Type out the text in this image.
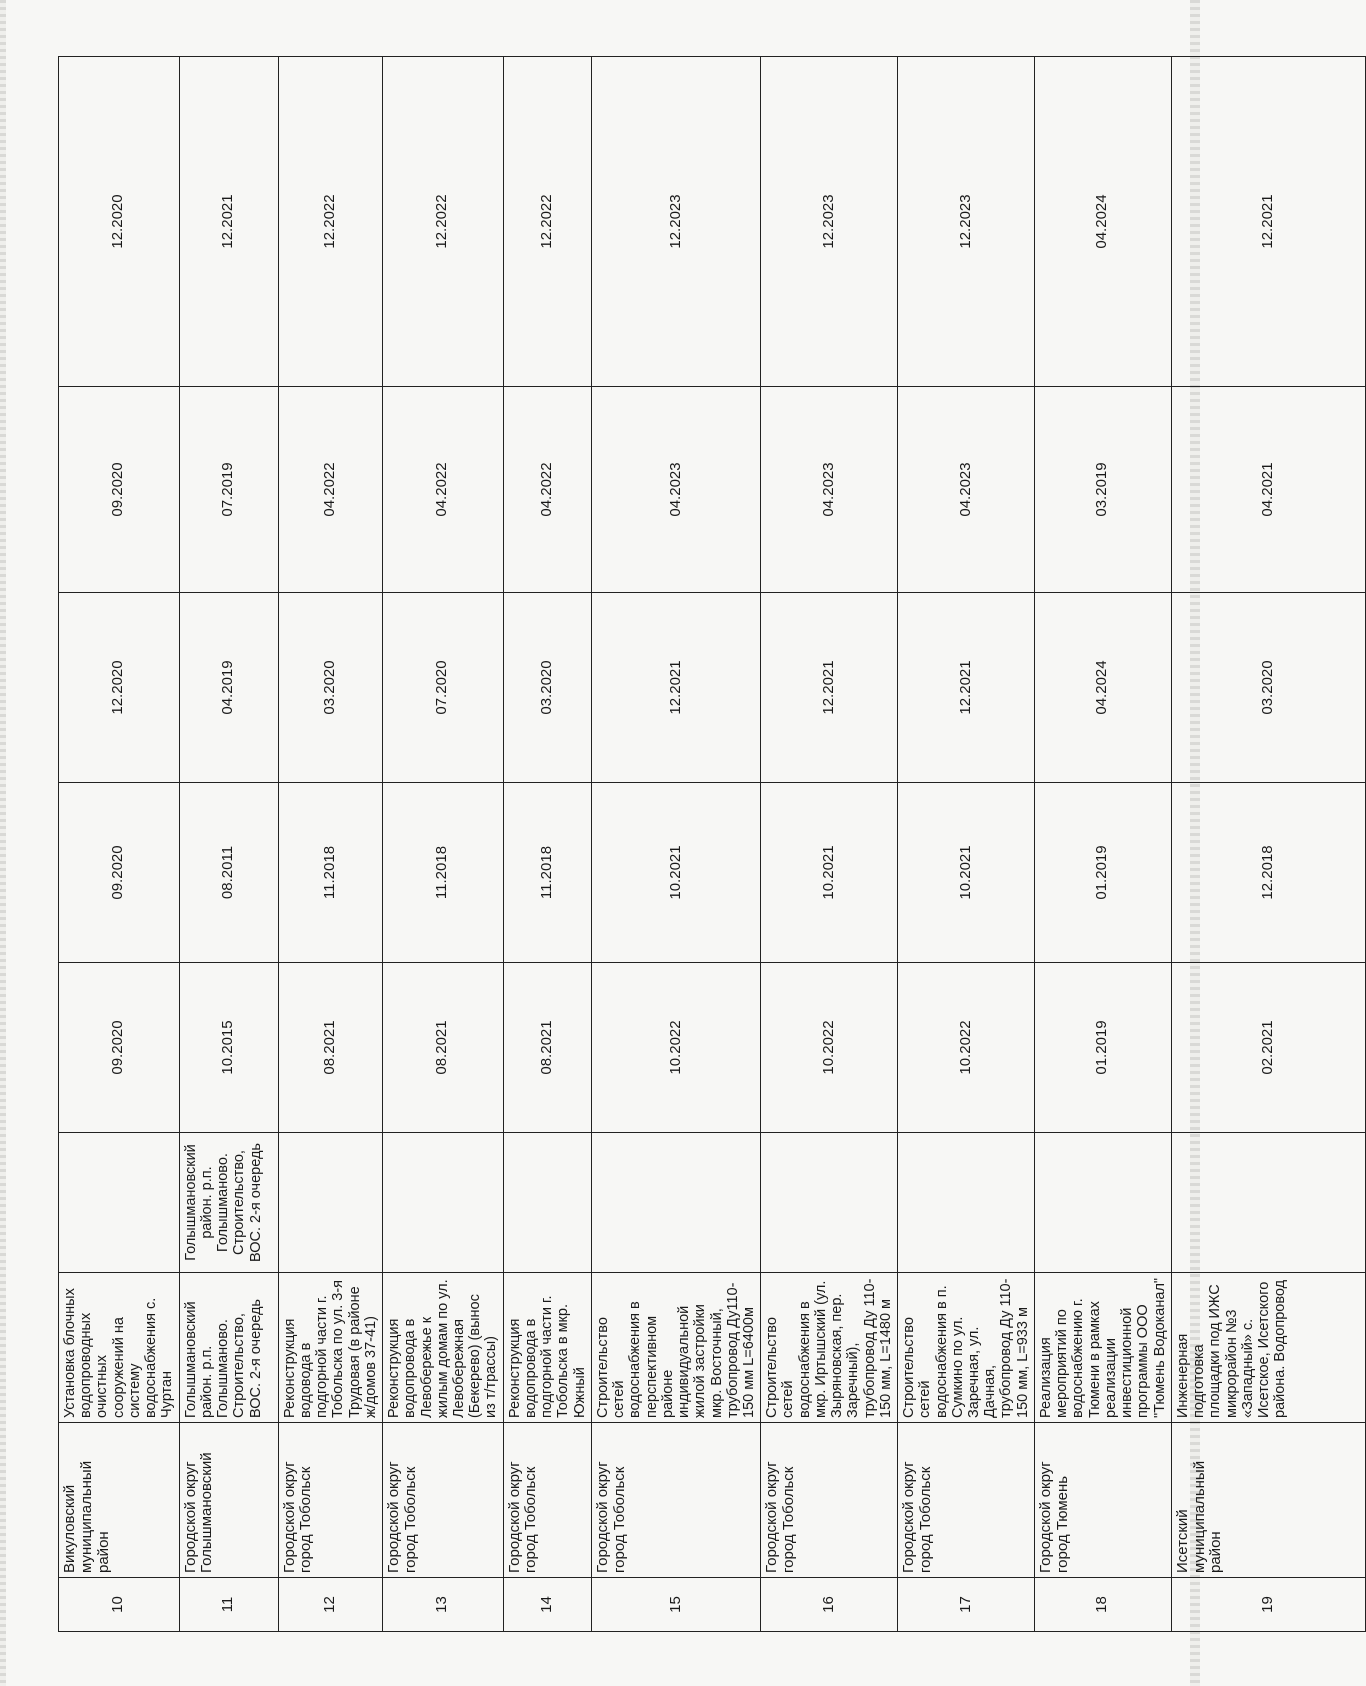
10	Викуловский муниципальный район	Установка блочных водопроводных очистных сооружений на систему водоснабжения с. Чуртан		09.2020	09.2020	12.2020	09.2020	12.2020
11	Городской округ Голышмановский	Голышмановский район. р.п. Голышманово. Строительство, ВОС. 2-я очередь	Голышмановский район. р.п. Голышманово. Строительство, ВОС. 2-я очередь	10.2015	08.2011	04.2019	07.2019	12.2021
12	Городской округ город Тобольск	Реконструкция водовода в подгорной части г. Тобольска по ул. 3-я Трудовая (в районе ж/домов 37-41)		08.2021	11.2018	03.2020	04.2022	12.2022
13	Городской округ город Тобольск	Реконструкция водопровода в Левобережье к жилым домам по ул. Левобережная (Бекерево) (вынос из т/трассы)		08.2021	11.2018	07.2020	04.2022	12.2022
14	Городской округ город Тобольск	Реконструкция водопровода в подгорной части г. Тобольска в мкр. Южный		08.2021	11.2018	03.2020	04.2022	12.2022
15	Городской округ город Тобольск	Строительство сетей водоснабжения в перспективном районе индивидуальной жилой застройки мкр. Восточный, трубопровод Ду110-150 мм L=6400м		10.2022	10.2021	12.2021	04.2023	12.2023
16	Городской округ город Тобольск	Строительство сетей водоснабжения в мкр. Иртышский (ул. Зыряновская, пер. Заречный), трубопровод Ду 110-150 мм, L=1480 м		10.2022	10.2021	12.2021	04.2023	12.2023
17	Городской округ город Тобольск	Строительство сетей водоснабжения в п. Сумкино по ул. Заречная, ул. Дачная, трубопровод Ду 110-150 мм, L=933 м		10.2022	10.2021	12.2021	04.2023	12.2023
18	Городской округ город Тюмень	Реализация мероприятий по водоснабжению г. Тюмени в рамках реализации инвестиционной программы ООО "Тюмень Водоканал"		01.2019	01.2019	04.2024	03.2019	04.2024
19	Исетский муниципальный район	Инженерная подготовка площадки под ИЖС микрорайон №3 «Западный» с. Исетское, Исетского района. Водопровод		02.2021	12.2018	03.2020	04.2021	12.2021
